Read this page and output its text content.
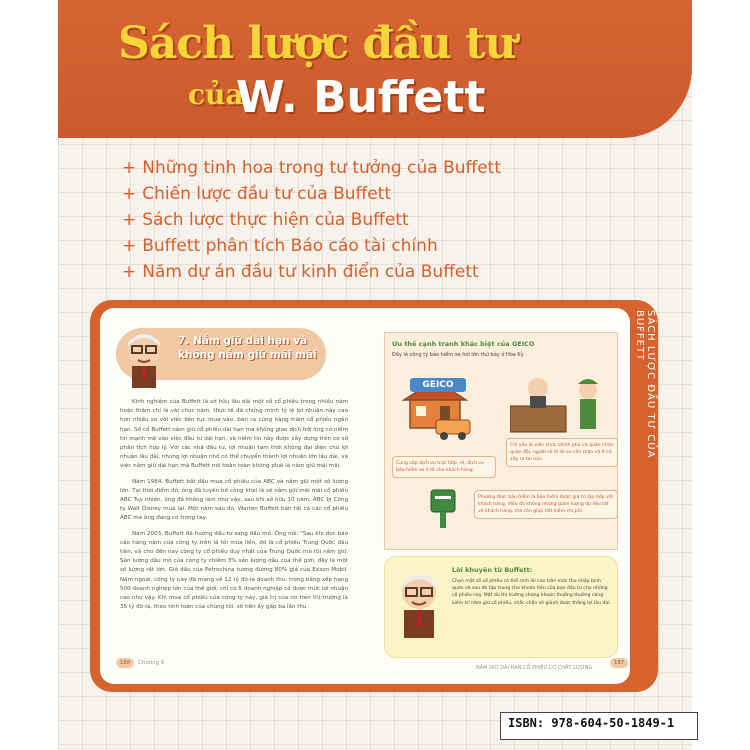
Sách lược đầu tư
của
W. Buffett
+ Những tinh hoa trong tư tưởng của Buffett
+ Chiến lược đầu tư của Buffett
+ Sách lược thực hiện của Buffett
+ Buffett phân tích Báo cáo tài chính
+ Năm dự án đầu tư kinh điển của Buffett
SÁCH LƯỢC ĐẦU TƯ CỦA BUFFETT
7. Nắm giữ dài hạn và không nắm giữ mãi mãi

Kinh nghiệm của Buffett là sở hữu lâu dài một số cổ phiếu trong nhiều năm hoặc thậm chí là vài chục năm, thực tế đã chứng minh tỷ lệ lợi nhuận này cao hơn nhiều so với việc liên tục mua vào, bán ra cũng hàng trăm cổ phiếu ngắn hạn. Số cổ Buffett nắm giữ cổ phiếu dài hạn mà không giao dịch bởi ông có niềm tin mạnh mẽ vào việc đầu tư dài hạn, và niềm tin này được xây dựng trên cơ sở phân tích hợp lý. Với các nhà đầu tư, lợi nhuận tạm thời không đại diện cho lợi nhuận lâu dài, nhưng lợi nhuận nhỏ có thể chuyển thành lợi nhuận lớn lâu dài, và việc nắm giữ dài hạn mà Buffett nói hoàn toàn không phải là nắm giữ mãi mãi.

Năm 1984, Buffett bắt đầu mua cổ phiếu của ABC và nắm giữ một số lượng lớn. Tại thời điểm đó, ông đã tuyên bố công khai là sẽ nắm giữ mãi mãi cổ phiếu ABC Tuy nhiên, ông đã không làm như vậy, sau khi sở hữu 10 năm, ABC bị Công ty Walt Disney mua lại. Một năm sau đó, Warren Buffett bán tất cả các cổ phiếu ABC mà ông đang có trong tay.

Năm 2003, Buffett đã hướng đầu tư sang dầu mỏ. Ông nói: "Sau khi đọc báo cáo hàng năm của công ty trên lá tôi mua liền, đó là cổ phiếu Trung Quốc đầu tiên, và cho đến nay công ty cổ phiếu duy nhất của Trung Quốc mà tôi nắm giữ. Sản lượng dầu mỏ của công ty chiếm 3% sản lượng dầu của thế giới, đây là một số lượng rất lớn. Giá dầu của Petrochina tương đương 80% giá của Exxon Mobil. Năm ngoái, công ty này đã mang về 12 tỷ đô-la doanh thu, trong bảng xếp hạng 500 doanh nghiệp lớn của thế giới, chỉ có 5 doanh nghiệp có được mức lợi nhuận cao như vậy. Khi mua cổ phiếu của công ty này, giá trị của nó trên thị trường là 35 tỷ đô-la, theo tính toán của chúng tôi, số tiền ấy gấp ba lần thu

188	Chương 6
NẮM GIỮ DÀI HẠN CỔ PHIẾU CÓ CHẤT LƯỢNG
187
Ưu thế cạnh tranh khác biệt của GEICO
Đây là công ty bảo hiểm xe hơi lớn thứ bảy ở Hoa Kỳ
GEICO
Chỉ yêu là viên chức chính phủ và quân nhân quân đội, người sẽ là lái xe cần thận và ít có xảy ra tai nạn.
Cung cấp dịch vụ trực tiếp, rẻ, dịch vụ bảo hiểm xe ô tô cho khách hàng.
Phương thức bảo hiểm là bảo hiểm được giá trị lập tiếp với khách hàng, điều đó không những giảm lượng dự liệu tốt về khách hàng, mà còn giúp tiết kiệm chi phí.
Lời khuyên từ Buffett:
Chọn một số cổ phiếu có thể sinh lời cao trên mức thu nhập bình quân và sau đó tập trung cho khoản tiền của bạn đầu tư cho những cổ phiếu này. Mặt dù thị trường chứng khoán thường thường cũng kiếm trí năm giữ cổ phiếu, chắc chắn sẽ giành được thắng lợi lâu dài.
ISBN: 978-604-50-1849-1
